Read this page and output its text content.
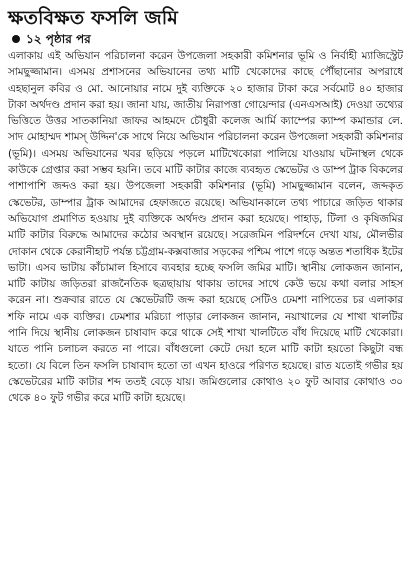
ক্ষতবিক্ষত ফসলি জমি
১২ পৃষ্ঠার পর

এলাকায় এই অভিযান পরিচালনা করেন উপজেলা সহকারী কমিশনার ভূমি ও নির্বাহী ম্যাজিস্ট্রেট সামছুজ্জামান। এসময় প্রশাসনের অভিযানের তথ্য মাটি খেকোদের কাছে পৌঁছানোর অপরাধে এহছানুল কবির ও মো. আনোয়ার নামে দুই ব্যক্তিকে ২০ হাজার টাকা করে সর্বমোট ৪০ হাজার টাকা অর্থদণ্ড প্রদান করা হয়। জানা যায়, জাতীয় নিরাপত্তা গোয়েন্দার (এনএসআই) দেওয়া তথ্যের ভিত্তিতে উত্তর সাতকানিয়া জাফর আহমদে চৌধুরী কলেজ আর্মি ক্যাম্পের ক্যাম্প কমান্ডার লে. সাদ মোহাম্মদ শামস্ উদ্দিন'কে সাথে নিয়ে অভিযান পরিচালনা করেন উপজেলা সহকারী কমিশনার (ভূমি)। এসময় অভিযানের খবর ছড়িয়ে পড়লে মাটিখেকোরা পালিয়ে যাওয়ায় ঘটনাস্থল থেকে কাউকে গ্রেপ্তার করা সম্ভব হয়নি। তবে মাটি কাটার কাজে ব্যবহৃত স্কেভেটর ও ডাম্প ট্রাক বিকলের পাশাপাশি জব্দও করা হয়। উপজেলা সহকারী কমিশনার (ভূমি) সামছুজ্জামান বলেন, জব্দকৃত স্কেভেটর, ডাম্পার ট্রাক আমাদের হেফাজতে রয়েছে। অভিযানকালে তথ্য পাচারে জড়িত থাকার অভিযোগ প্রমাণিত হওয়ায় দুই ব্যক্তিকে অর্থদণ্ড প্রদান করা হয়েছে। পাহাড়, টিলা ও কৃষিজমির মাটি কাটার বিরুদ্ধে আমাদের কঠোর অবস্থান রয়েছে। সরেজমিন পরিদর্শনে দেখা যায়, মৌলভীর দোকান থেকে কেরানীহাট পর্যন্ত চট্টগ্রাম-কক্সবাজার সড়কের পশ্চিম পাশে গড়ে অন্তত শতাধিক ইটের ভাটা। এসব ভাটায় কাঁচামাল হিসাবে ব্যবহার হচ্ছে ফসলি জমির মাটি। স্থানীয় লোকজন জানান, মাটি কাটায় জড়িতরা রাজনৈতিক ছত্রছায়ায় থাকায় তাদের সাথে কেউ ভয়ে কথা বলার সাহস করেন না। শুক্রবার রাতে যে স্কেভেটরটি জব্দ করা হয়েছে সেটিও ঢেমশা নাপিতের চর এলাকার শফি নামে এক ব্যক্তির। ঢেমশার মরিচ্যা পাড়ার লোকজন জানান, নয়াখালের যে শাখা খালটির পানি দিয়ে স্থানীয় লোকজন চাষাবাদ করে থাকে সেই শাখা খালটিতে বাঁধ দিয়েছে মাটি খেকোরা। যাতে পানি চলাচল করতে না পারে। বাঁধগুলো কেটে দেয়া হলে মাটি কাটা হয়তো কিছুটা বন্ধ হতো। যে বিলে তিন ফসলি চাষাবাদ হতো তা এখন হাওরে পরিণত হয়েছে। রাত যতোই গভীর হয় স্কেভেটরের মাটি কাটার শব্দ ততই বেড়ে যায়। জমিগুলোর কোথাও ২০ ফুট আবার কোথাও ৩০ থেকে ৪০ ফুট গভীর করে মাটি কাটা হয়েছে।
